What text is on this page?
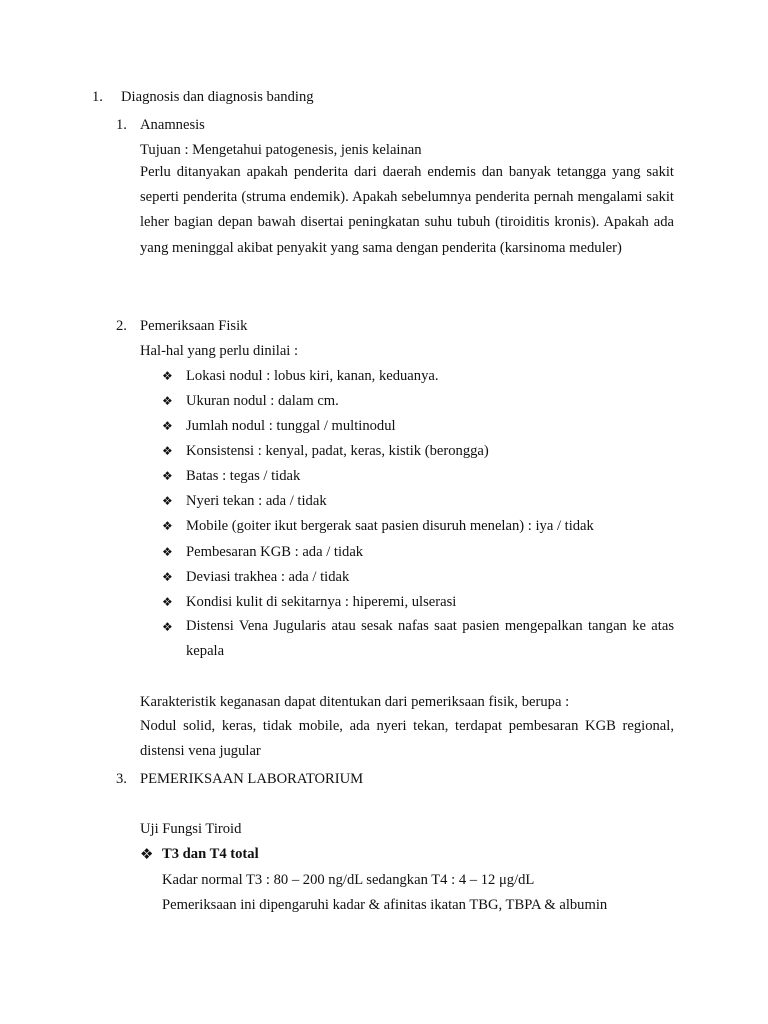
1. Diagnosis dan diagnosis banding
1. Anamnesis
Tujuan : Mengetahui patogenesis, jenis kelainan
Perlu ditanyakan apakah penderita dari daerah endemis dan banyak tetangga yang sakit seperti penderita (struma endemik). Apakah sebelumnya penderita pernah mengalami sakit leher bagian depan bawah disertai peningkatan suhu tubuh (tiroiditis kronis). Apakah ada yang meninggal akibat penyakit yang sama dengan penderita (karsinoma meduler)
2. Pemeriksaan Fisik
Hal-hal yang perlu dinilai :
❖ Lokasi nodul : lobus kiri, kanan, keduanya.
❖ Ukuran nodul : dalam cm.
❖ Jumlah nodul : tunggal / multinodul
❖ Konsistensi : kenyal, padat, keras, kistik (berongga)
❖ Batas : tegas / tidak
❖ Nyeri tekan : ada / tidak
❖ Mobile (goiter ikut bergerak saat pasien disuruh menelan) : iya / tidak
❖ Pembesaran KGB : ada / tidak
❖ Deviasi trakhea : ada / tidak
❖ Kondisi kulit di sekitarnya : hiperemi, ulserasi
❖ Distensi Vena Jugularis atau sesak nafas saat pasien mengepalkan tangan ke atas kepala
Karakteristik keganasan dapat ditentukan dari pemeriksaan fisik, berupa :
Nodul solid, keras, tidak mobile, ada nyeri tekan, terdapat pembesaran KGB regional, distensi vena jugular
3. PEMERIKSAAN LABORATORIUM
Uji Fungsi Tiroid
❖ T3 dan T4 total
Kadar normal T3 : 80 – 200 ng/dL sedangkan T4 : 4 – 12 μg/dL
Pemeriksaan ini dipengaruhi kadar & afinitas ikatan TBG, TBPA & albumin
